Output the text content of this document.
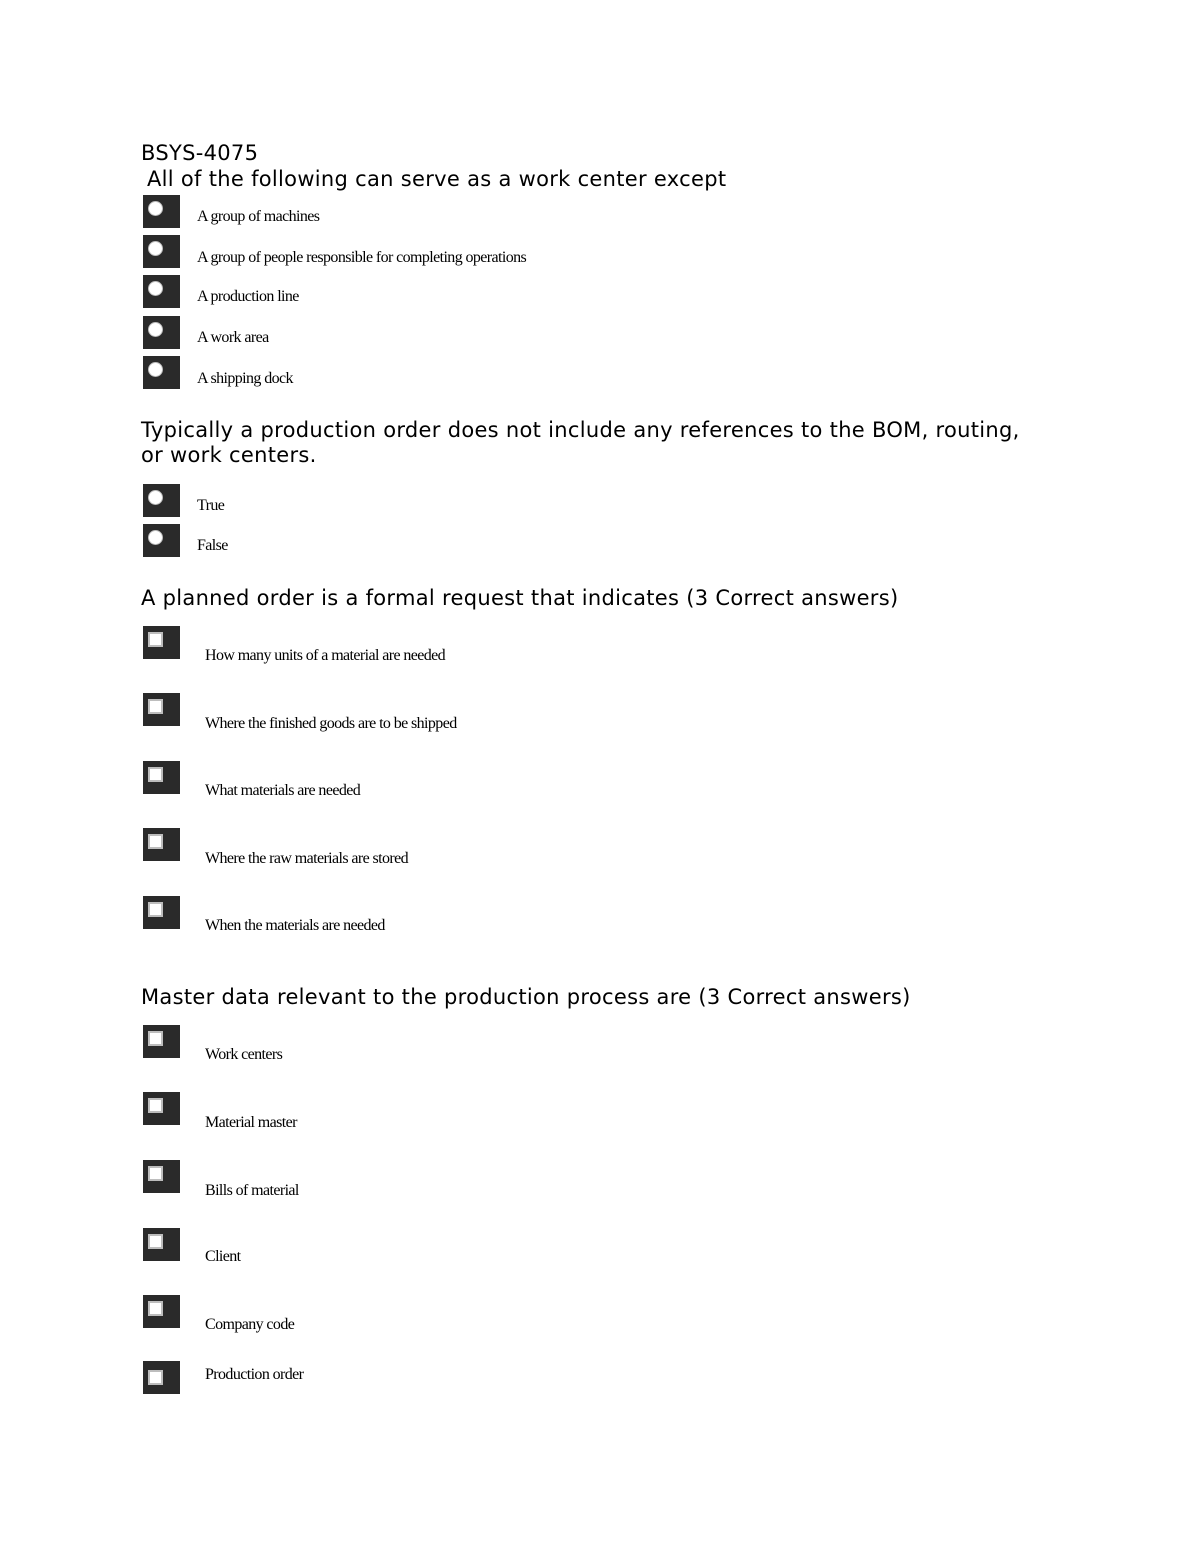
BSYS-4075
All of the following can serve as a work center except
A group of machines
A group of people responsible for completing operations
A production line
A work area
A shipping dock
Typically a production order does not include any references to the BOM, routing,
or work centers.
True
False
A planned order is a formal request that indicates (3 Correct answers)
How many units of a material are needed
Where the finished goods are to be shipped
What materials are needed
Where the raw materials are stored
When the materials are needed
Master data relevant to the production process are (3 Correct answers)
Work centers
Material master
Bills of material
Client
Company code
Production order
